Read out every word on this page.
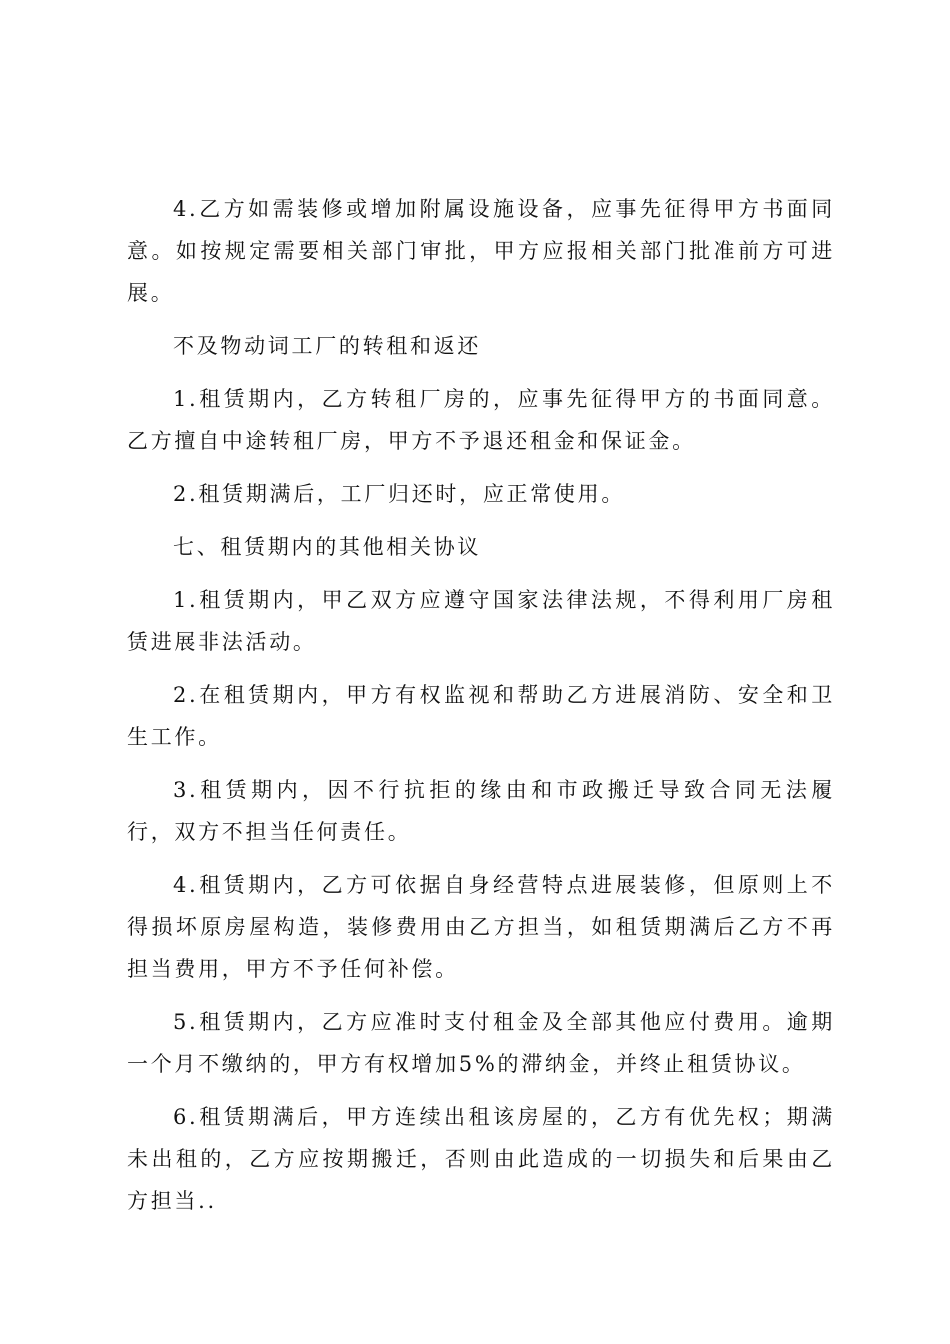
4.乙方如需装修或增加附属设施设备，应事先征得甲方书面同意。如按规定需要相关部门审批，甲方应报相关部门批准前方可进展。

不及物动词工厂的转租和返还

1.租赁期内，乙方转租厂房的，应事先征得甲方的书面同意。乙方擅自中途转租厂房，甲方不予退还租金和保证金。

2.租赁期满后，工厂归还时，应正常使用。

七、租赁期内的其他相关协议

1.租赁期内，甲乙双方应遵守国家法律法规，不得利用厂房租赁进展非法活动。

2.在租赁期内，甲方有权监视和帮助乙方进展消防、安全和卫生工作。

3.租赁期内，因不行抗拒的缘由和市政搬迁导致合同无法履行，双方不担当任何责任。

4.租赁期内，乙方可依据自身经营特点进展装修，但原则上不得损坏原房屋构造，装修费用由乙方担当，如租赁期满后乙方不再担当费用，甲方不予任何补偿。

5.租赁期内，乙方应准时支付租金及全部其他应付费用。逾期一个月不缴纳的，甲方有权增加5%的滞纳金，并终止租赁协议。

6.租赁期满后，甲方连续出租该房屋的，乙方有优先权；期满未出租的，乙方应按期搬迁，否则由此造成的一切损失和后果由乙方担当..
